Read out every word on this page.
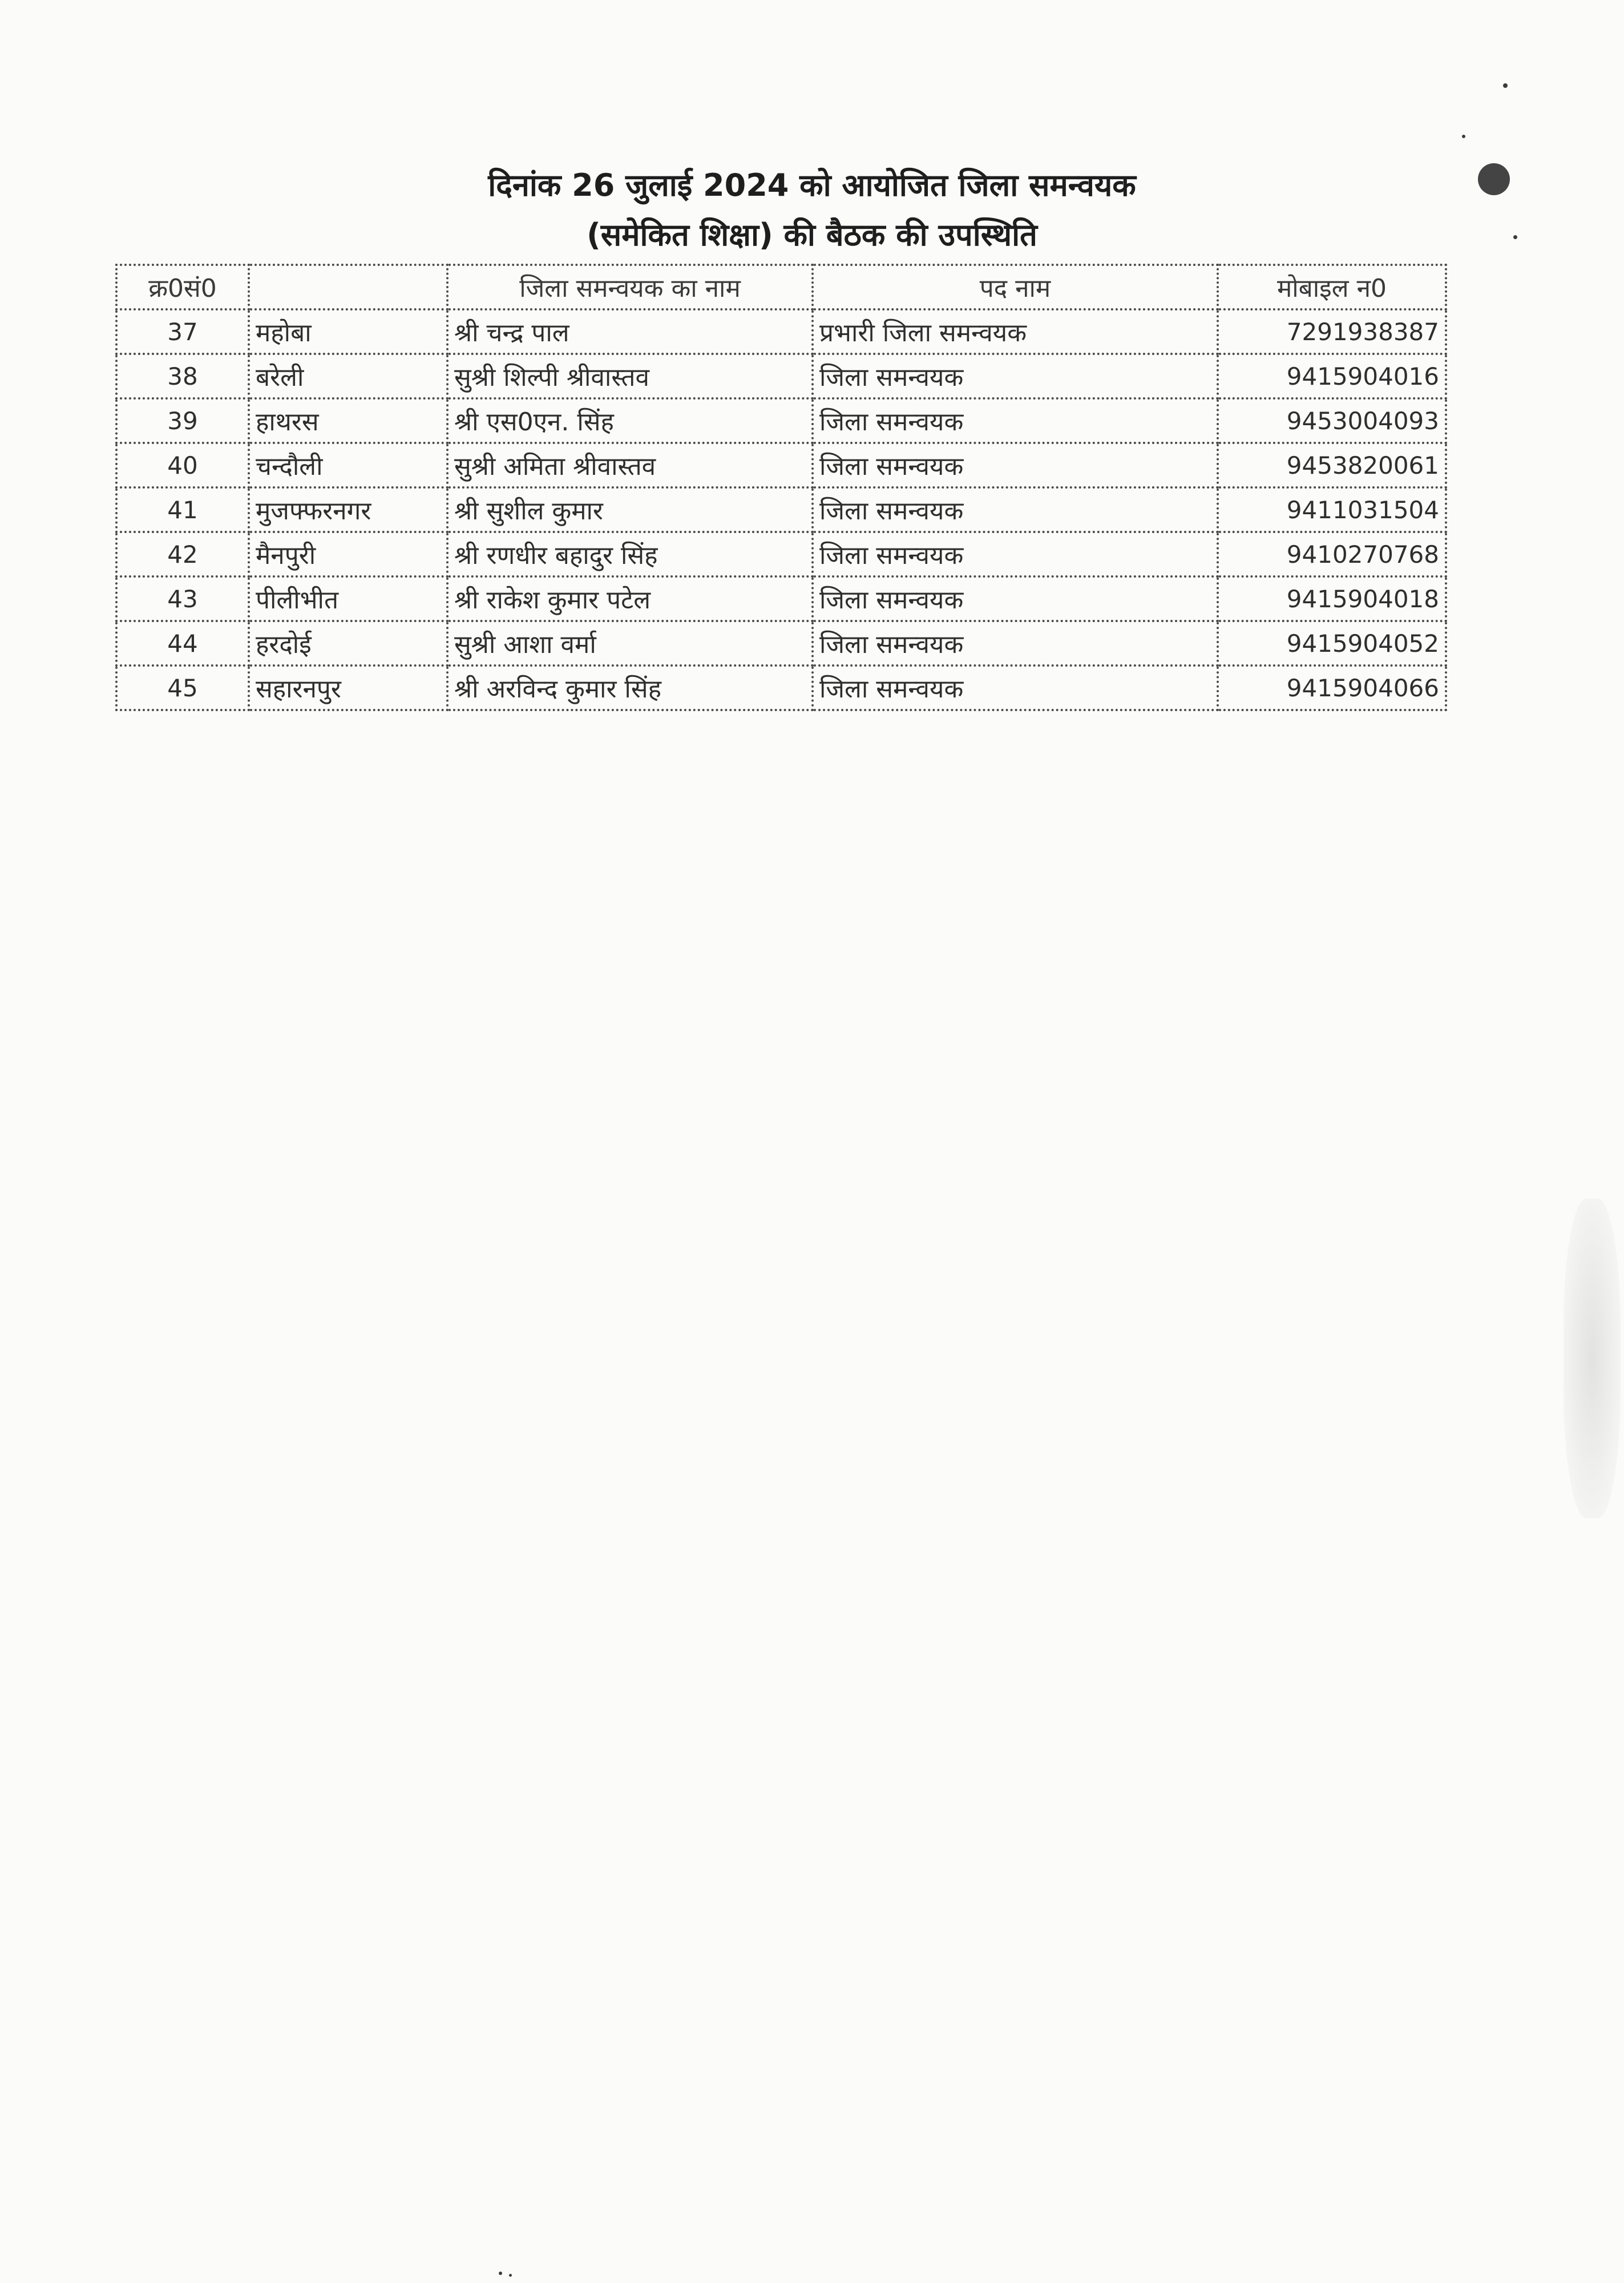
दिनांक 26 जुलाई 2024 को आयोजित जिला समन्वयक
(समेकित शिक्षा) की बैठक की उपस्थिति
क्र0सं0		जिला समन्वयक का नाम	पद नाम	मोबाइल न0
37	महोबा	श्री चन्द्र पाल	प्रभारी जिला समन्वयक	7291938387
38	बरेली	सुश्री शिल्पी श्रीवास्तव	जिला समन्वयक	9415904016
39	हाथरस	श्री एस0एन. सिंह	जिला समन्वयक	9453004093
40	चन्दौली	सुश्री अमिता श्रीवास्तव	जिला समन्वयक	9453820061
41	मुजफ्फरनगर	श्री सुशील कुमार	जिला समन्वयक	9411031504
42	मैनपुरी	श्री रणधीर बहादुर सिंह	जिला समन्वयक	9410270768
43	पीलीभीत	श्री राकेश कुमार पटेल	जिला समन्वयक	9415904018
44	हरदोई	सुश्री आशा वर्मा	जिला समन्वयक	9415904052
45	सहारनपुर	श्री अरविन्द कुमार सिंह	जिला समन्वयक	9415904066
